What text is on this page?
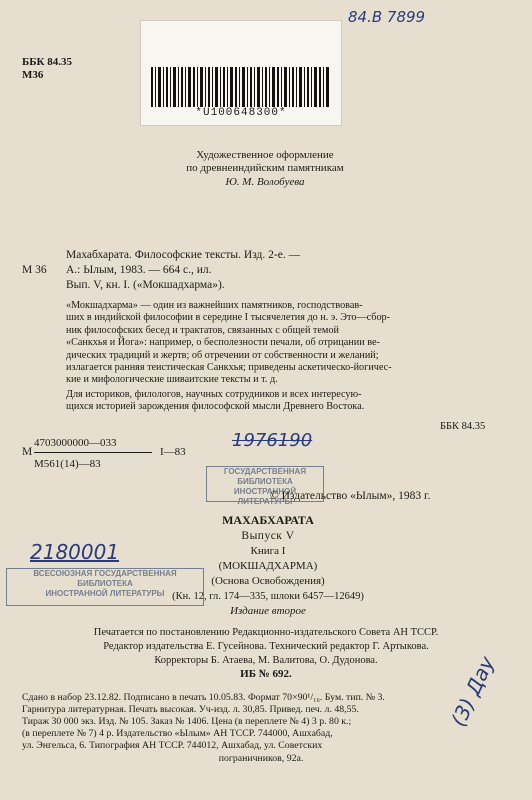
84.В 7899
ББК 84.35
М36
*U100648300*
Художественное оформление
по древнеиндийским памятникам
Ю. М. Волобуева
Махабхарата. Философские тексты. Изд. 2-е. —
М 36 А.: Ылым, 1983. — 664 с., ил.
Вып. V, кн. I. («Мокшадхарма»).
«Мокшадхарма» — один из важнейших памятников, господствовав-
ших в индийской философии в середине I тысячелетия до н. э. Это—сбор-
ник философских бесед и трактатов, связанных с общей темой
«Санкхья и Йога»: например, о бесполезности печали, об отрицании ве-
дических традиций и жертв; об отречении от собственности и желаний;
излагается ранняя теистическая Санкхья; приведены аскетическо-йогичес-
кие и мифологические шиваитские тексты и т. д.
Для историков, филологов, научных сотрудников и всех интересую-
щихся историей зарождения философской мысли Древнего Востока.
ББК 84.35
М
4703000000—033
М561(14)—83
I—83
1976190
ГОСУДАРСТВЕННАЯ
БИБЛИОТЕКА
ИНОСТРАННОЙ ЛИТЕРАТУРЫ
© Издательство «Ылым», 1983 г.
2180001
ВСЕСОЮЗНАЯ ГОСУДАРСТВЕННАЯ
БИБЛИОТЕКА
ИНОСТРАННОЙ ЛИТЕРАТУРЫ
МАХАБХАРАТА
Выпуск V
Книга I
(МОКШАДХАРМА)
(Основа Освобождения)
(Кн. 12, гл. 174—335, шлоки 6457—12649)
Издание второе
Печатается по постановлению Редакционно-издательского Совета АН ТССР.
Редактор издательства Е. Гусейнова. Технический редактор Г. Артыкова.
Корректоры Б. Атаева, М. Валитова, О. Дудонова.
ИБ № 692.
Сдано в набор 23.12.82. Подписано в печать 10.05.83. Формат 70×90¹/₁₆. Бум. тип. № 3.
Гарнитура литературная. Печать высокая. Уч-изд. л. 30,85. Привед. печ. л. 48,55.
Тираж 30 000 экз. Изд. № 105. Заказ № 1406. Цена (в переплете № 4) 3 р. 80 к.;
(в переплете № 7) 4 р. Издательство «Ылым» АН ТССР. 744000, Ашхабад,
ул. Энгельса, 6. Типография АН ТССР. 744012, Ашхабад, ул. Советских
пограничников, 92а.
(3) Дау
